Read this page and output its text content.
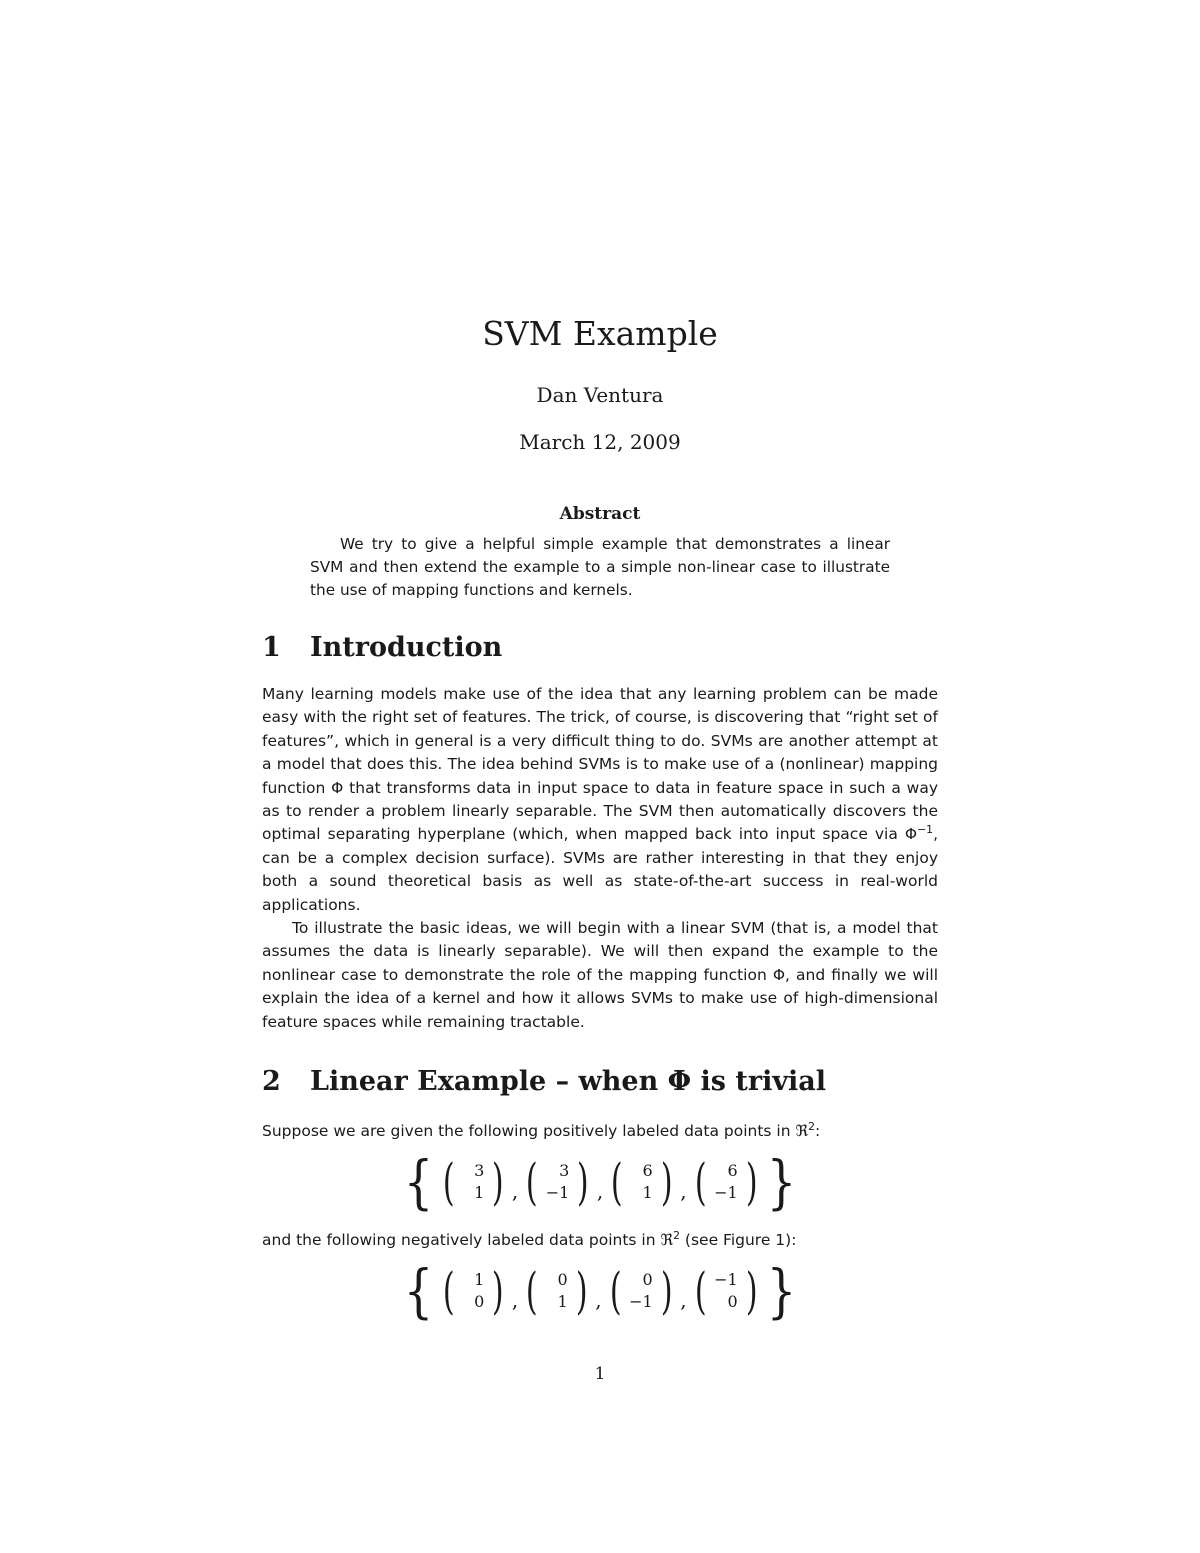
SVM Example
Dan Ventura
March 12, 2009
Abstract

We try to give a helpful simple example that demonstrates a linear SVM and then extend the example to a simple non-linear case to illustrate the use of mapping functions and kernels.

1 Introduction

Many learning models make use of the idea that any learning problem can be made easy with the right set of features. The trick, of course, is discovering that “right set of features”, which in general is a very difficult thing to do. SVMs are another attempt at a model that does this. The idea behind SVMs is to make use of a (nonlinear) mapping function Φ that transforms data in input space to data in feature space in such a way as to render a problem linearly separable. The SVM then automatically discovers the optimal separating hyperplane (which, when mapped back into input space via $\Phi^{-1}$, can be a complex decision surface). SVMs are rather interesting in that they enjoy both a sound theoretical basis as well as state-of-the-art success in real-world applications.

To illustrate the basic ideas, we will begin with a linear SVM (that is, a model that assumes the data is linearly separable). We will then expand the example to the nonlinear case to demonstrate the role of the mapping function Φ, and finally we will explain the idea of a kernel and how it allows SVMs to make use of high-dimensional feature spaces while remaining tractable.

2 Linear Example – when Φ is trivial

Suppose we are given the following positively labeled data points in ℜ$^2$:

{ ( 3
1 ) , ( 3
−1 ) , ( 6
1 ) , ( 6
−1 ) }

and the following negatively labeled data points in ℜ$^2$ (see Figure 1):

{ ( 1
0 ) , ( 0
1 ) , ( 0
−1 ) , ( −1
0 ) }
1
